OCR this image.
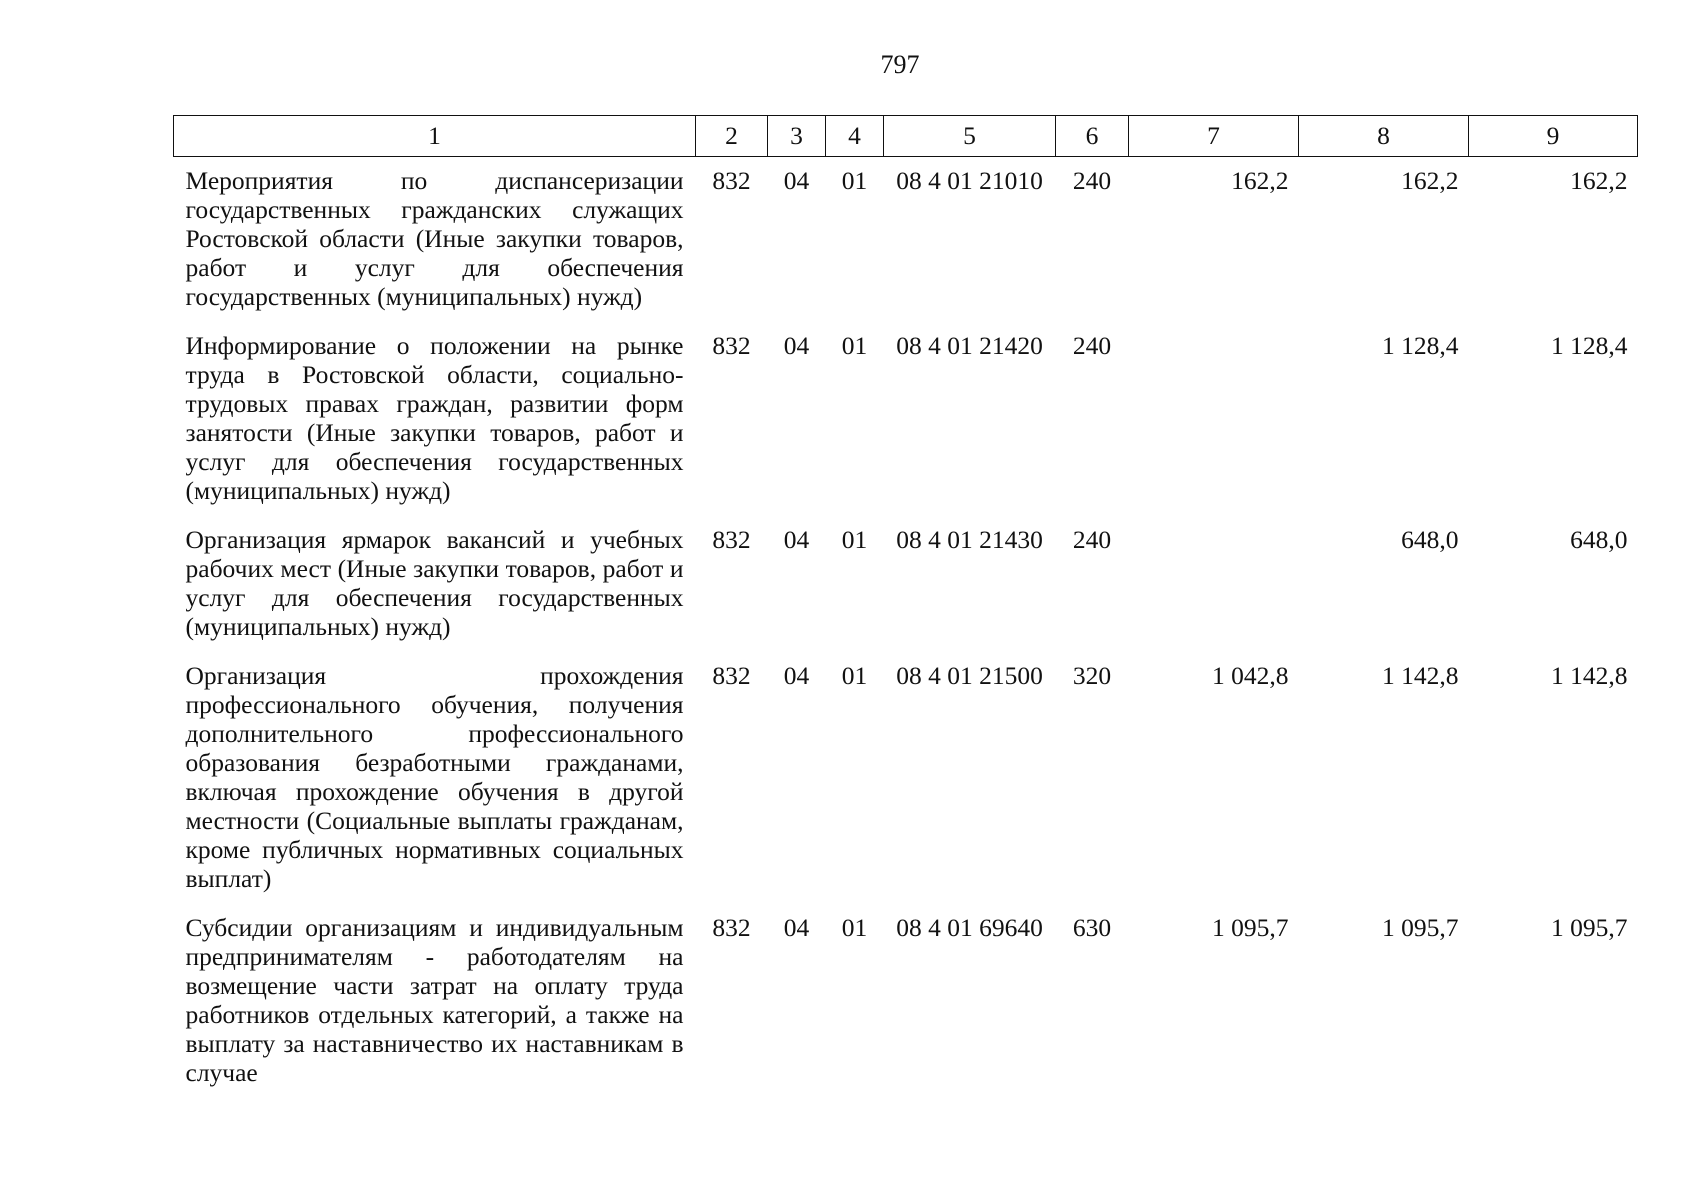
797
1	2	3	4	5	6	7	8	9
Мероприятия по диспансеризации государственных гражданских служащих Ростовской области (Иные закупки товаров, работ и услуг для обеспечения государственных (муниципальных) нужд)	832	04	01	08 4 01 21010	240	162,2	162,2	162,2
Информирование о положении на рынке труда в Ростовской области, социально-трудовых правах граждан, развитии форм занятости (Иные закупки товаров, работ и услуг для обеспечения государственных (муниципальных) нужд)	832	04	01	08 4 01 21420	240		1 128,4	1 128,4
Организация ярмарок вакансий и учебных рабочих мест (Иные закупки товаров, работ и услуг для обеспечения государственных (муниципальных) нужд)	832	04	01	08 4 01 21430	240		648,0	648,0
Организация прохождения профессионального обучения, получения дополнительного профессионального образования безработными гражданами, включая прохождение обучения в другой местности (Социальные выплаты гражданам, кроме публичных нормативных социальных выплат)	832	04	01	08 4 01 21500	320	1 042,8	1 142,8	1 142,8
Субсидии организациям и индивидуальным предпринимателям - работодателям на возмещение части затрат на оплату труда работников отдельных категорий, а также на выплату за наставничество их наставникам в случае	832	04	01	08 4 01 69640	630	1 095,7	1 095,7	1 095,7
